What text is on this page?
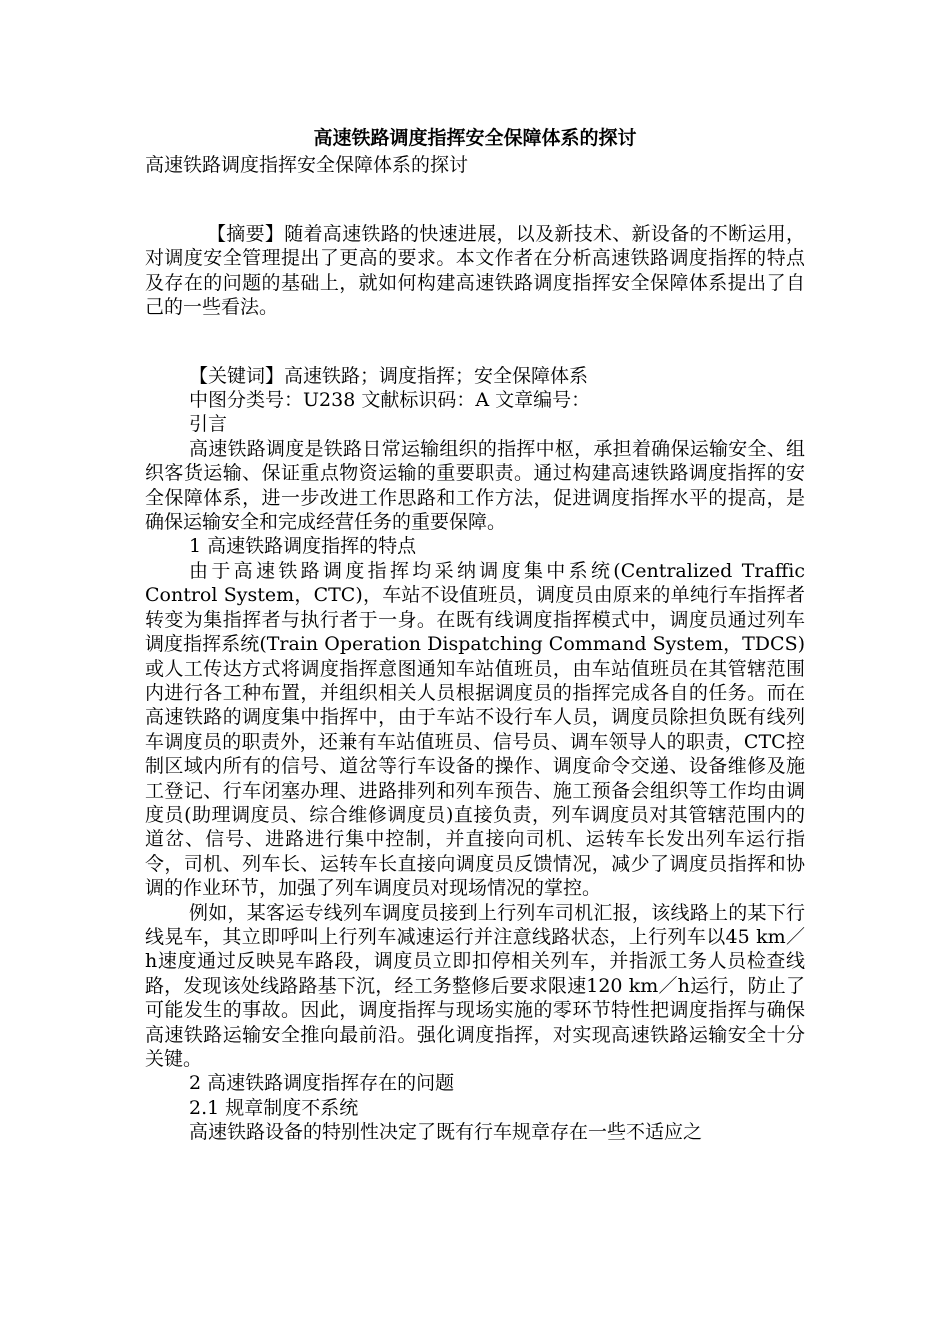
高速铁路调度指挥安全保障体系的探讨

高速铁路调度指挥安全保障体系的探讨

【摘要】随着高速铁路的快速进展，以及新技术、新设备的不断运用，对调度安全管理提出了更高的要求。本文作者在分析高速铁路调度指挥的特点及存在的问题的基础上，就如何构建高速铁路调度指挥安全保障体系提出了自己的一些看法。

【关键词】高速铁路；调度指挥；安全保障体系

中图分类号：U238 文献标识码：A 文章编号：

引言

高速铁路调度是铁路日常运输组织的指挥中枢，承担着确保运输安全、组织客货运输、保证重点物资运输的重要职责。通过构建高速铁路调度指挥的安全保障体系，进一步改进工作思路和工作方法，促进调度指挥水平的提高，是确保运输安全和完成经营任务的重要保障。

1 高速铁路调度指挥的特点

由于高速铁路调度指挥均采纳调度集中系统(Centralized Traffic Control System，CTC)，车站不设值班员，调度员由原来的单纯行车指挥者转变为集指挥者与执行者于一身。在既有线调度指挥模式中，调度员通过列车调度指挥系统(Train Operation Dispatching Command System，TDCS)或人工传达方式将调度指挥意图通知车站值班员，由车站值班员在其管辖范围内进行各工种布置，并组织相关人员根据调度员的指挥完成各自的任务。而在高速铁路的调度集中指挥中，由于车站不设行车人员，调度员除担负既有线列车调度员的职责外，还兼有车站值班员、信号员、调车领导人的职责，CTC控制区域内所有的信号、道岔等行车设备的操作、调度命令交递、设备维修及施工登记、行车闭塞办理、进路排列和列车预告、施工预备会组织等工作均由调度员(助理调度员、综合维修调度员)直接负责，列车调度员对其管辖范围内的道岔、信号、进路进行集中控制，并直接向司机、运转车长发出列车运行指令，司机、列车长、运转车长直接向调度员反馈情况，减少了调度员指挥和协调的作业环节，加强了列车调度员对现场情况的掌控。

例如，某客运专线列车调度员接到上行列车司机汇报，该线路上的某下行线晃车，其立即呼叫上行列车减速运行并注意线路状态，上行列车以45 km／h速度通过反映晃车路段，调度员立即扣停相关列车，并指派工务人员检查线路，发现该处线路路基下沉，经工务整修后要求限速120 km／h运行，防止了可能发生的事故。因此，调度指挥与现场实施的零环节特性把调度指挥与确保高速铁路运输安全推向最前沿。强化调度指挥，对实现高速铁路运输安全十分关键。

2 高速铁路调度指挥存在的问题

2.1 规章制度不系统

高速铁路设备的特别性决定了既有行车规章存在一些不适应之
